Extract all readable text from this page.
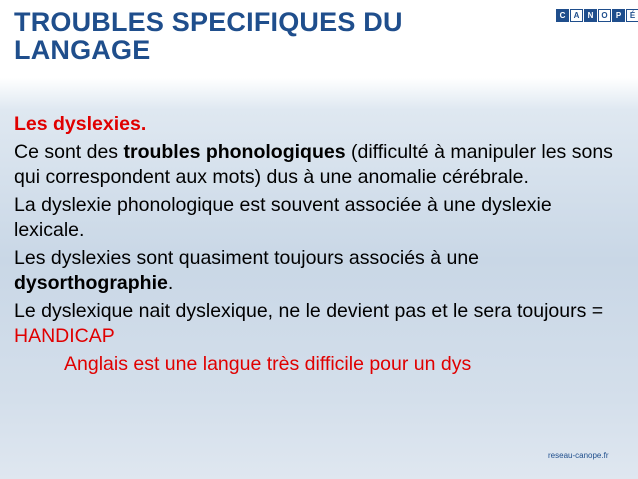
TROUBLES SPECIFIQUES DU LANGAGE
C	A	N O	P	É

Les dyslexies.

Ce sont des troubles phonologiques (difficulté à manipuler les sons qui correspondent aux mots) dus à une anomalie cérébrale.

La dyslexie phonologique est souvent associée à une dyslexie lexicale.

Les dyslexies sont quasiment toujours associés à une dysorthographie.

Le dyslexique nait dyslexique, ne le devient pas et le sera toujours = HANDICAP

Anglais est une langue très difficile pour un dys

reseau-canope.fr
